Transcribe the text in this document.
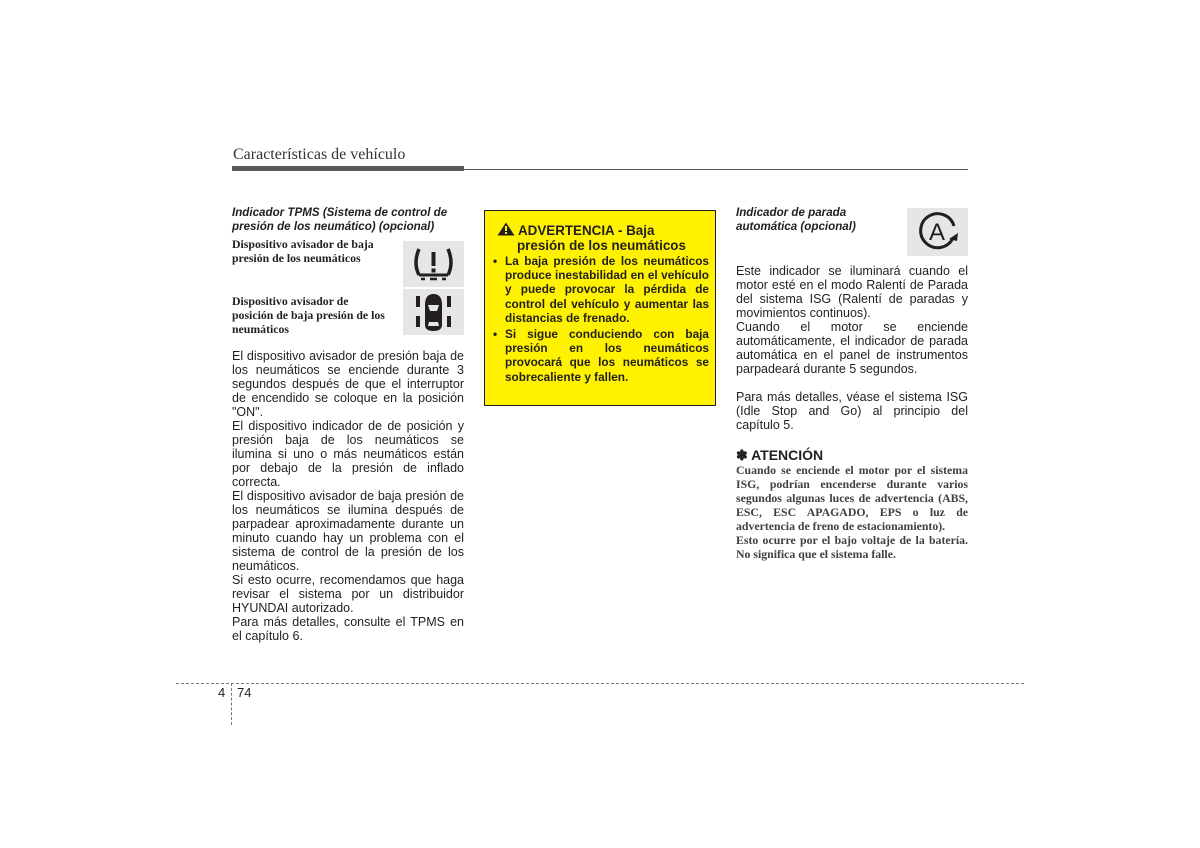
Características de vehículo

Indicador TPMS (Sistema de control de presión de los neumático) (opcional)

Dispositivo avisador de baja presión de los neumáticos
Dispositivo avisador de posición de baja presión de los neumáticos

El dispositivo avisador de presión baja de los neumáticos se enciende durante 3 segundos después de que el interruptor de encendido se coloque en la posición "ON".

El dispositivo indicador de de posición y presión baja de los neumáticos se ilumina si uno o más neumáticos están por debajo de la presión de inflado correcta.

El dispositivo avisador de baja presión de los neumáticos se ilumina después de parpadear aproximadamente durante un minuto cuando hay un problema con el sistema de control de la presión de los neumáticos.

Si esto ocurre, recomendamos que haga revisar el sistema por un distribuidor HYUNDAI autorizado.

Para más detalles, consulte el TPMS en el capítulo 6.

ADVERTENCIA - Baja
presión de los neumáticos
• La baja presión de los neumáticos produce inestabilidad en el vehículo y puede provocar la pérdida de control del vehículo y aumentar las distancias de frenado.
• Si sigue conduciendo con baja presión en los neumáticos provocará que los neumáticos se sobrecaliente y fallen.

Indicador de parada automática (opcional)	A

Este indicador se iluminará cuando el motor esté en el modo Ralentí de Parada del sistema ISG (Ralentí de paradas y movimientos continuos).

Cuando el motor se enciende automáticamente, el indicador de parada automática en el panel de instrumentos parpadeará durante 5 segundos.

Para más detalles, véase el sistema ISG (Idle Stop and Go) al principio del capítulo 5.

✽ ATENCIÓN

Cuando se enciende el motor por el sistema ISG, podrían encenderse durante varios segundos algunas luces de advertencia (ABS, ESC, ESC APAGADO, EPS o luz de advertencia de freno de estacionamiento).

Esto ocurre por el bajo voltaje de la batería. No significa que el sistema falle.

4 74
